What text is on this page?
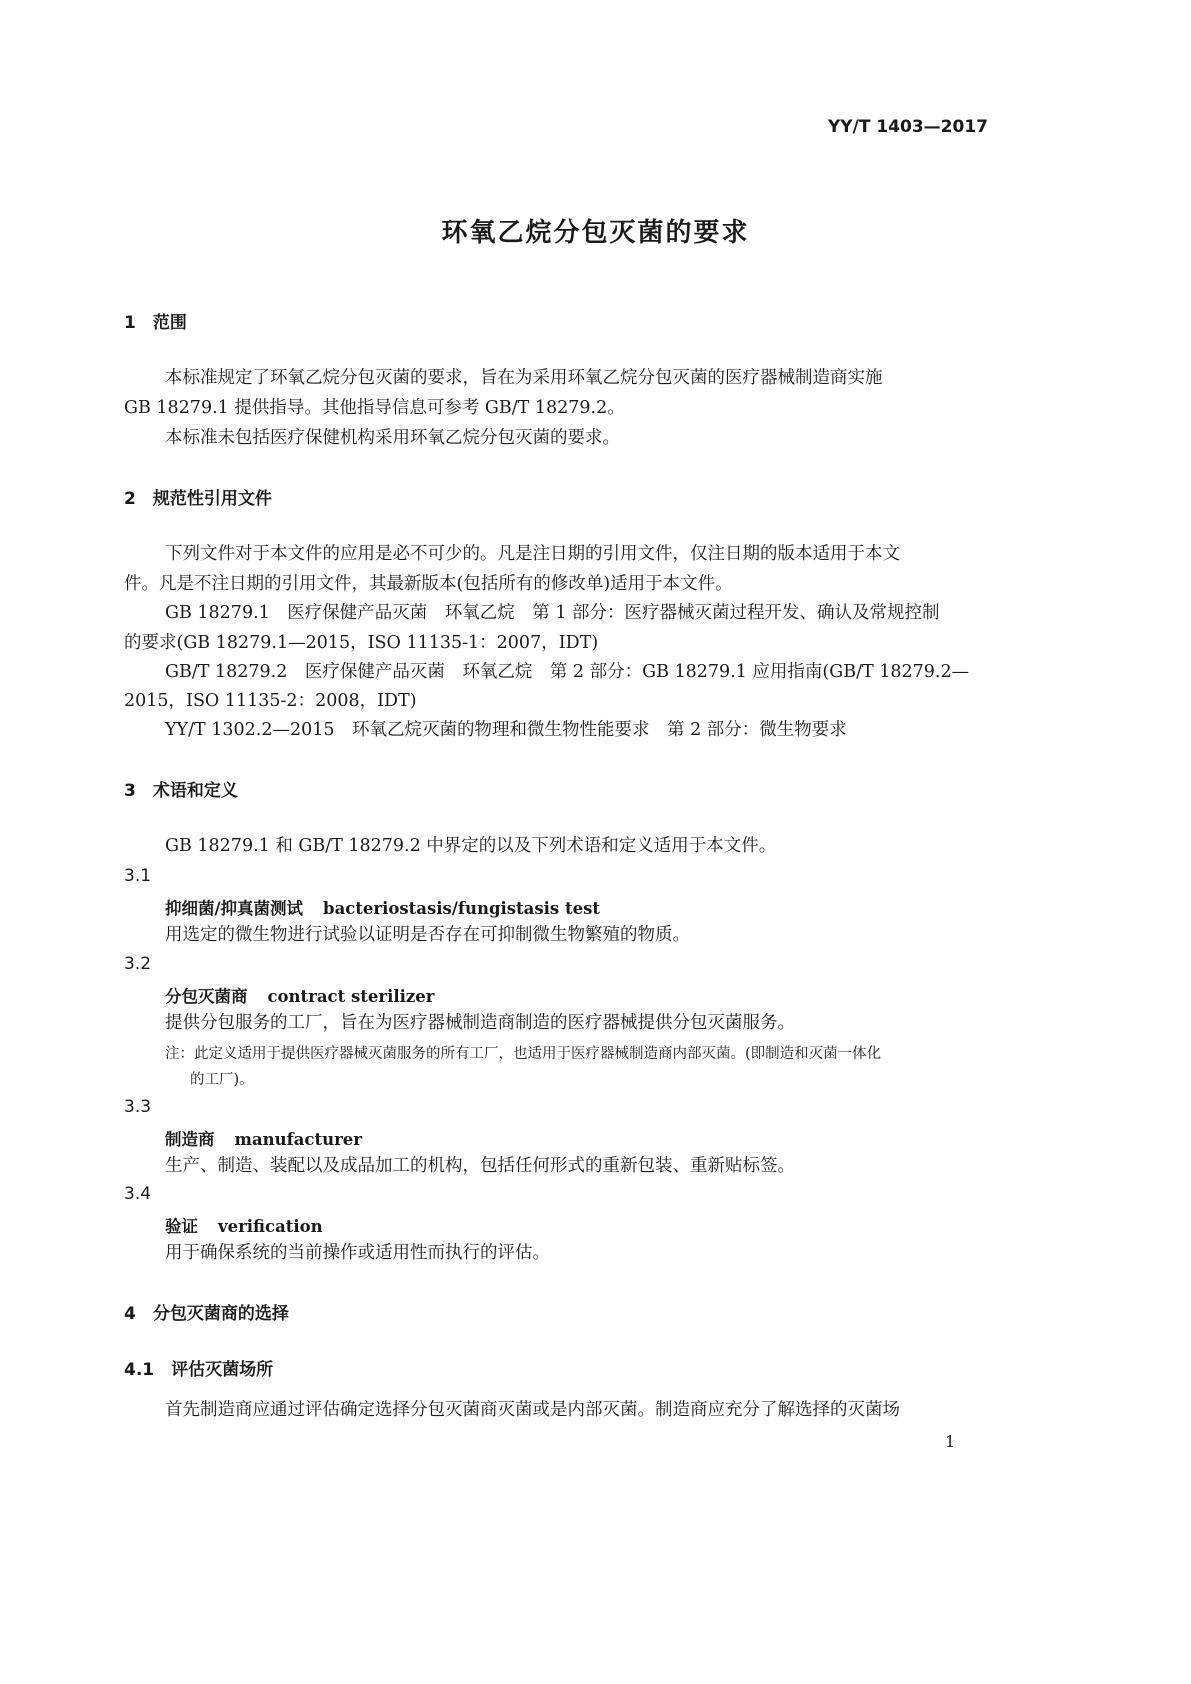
YY/T 1403—2017
环氧乙烷分包灭菌的要求
1　范围
本标准规定了环氧乙烷分包灭菌的要求，旨在为采用环氧乙烷分包灭菌的医疗器械制造商实施
GB 18279.1 提供指导。其他指导信息可参考 GB/T 18279.2。
本标准未包括医疗保健机构采用环氧乙烷分包灭菌的要求。
2　规范性引用文件
下列文件对于本文件的应用是必不可少的。凡是注日期的引用文件，仅注日期的版本适用于本文
件。凡是不注日期的引用文件，其最新版本(包括所有的修改单)适用于本文件。
GB 18279.1　医疗保健产品灭菌　环氧乙烷　第 1 部分：医疗器械灭菌过程开发、确认及常规控制
的要求(GB 18279.1—2015，ISO 11135-1：2007，IDT)
GB/T 18279.2　医疗保健产品灭菌　环氧乙烷　第 2 部分：GB 18279.1 应用指南(GB/T 18279.2—
2015，ISO 11135-2：2008，IDT)
YY/T 1302.2—2015　环氧乙烷灭菌的物理和微生物性能要求　第 2 部分：微生物要求
3　术语和定义
GB 18279.1 和 GB/T 18279.2 中界定的以及下列术语和定义适用于本文件。
3.1
抑细菌/抑真菌测试 bacteriostasis/fungistasis test
用选定的微生物进行试验以证明是否存在可抑制微生物繁殖的物质。
3.2
分包灭菌商 contract sterilizer
提供分包服务的工厂，旨在为医疗器械制造商制造的医疗器械提供分包灭菌服务。
注：此定义适用于提供医疗器械灭菌服务的所有工厂，也适用于医疗器械制造商内部灭菌。(即制造和灭菌一体化
的工厂)。
3.3
制造商 manufacturer
生产、制造、装配以及成品加工的机构，包括任何形式的重新包装、重新贴标签。
3.4
验证 verification
用于确保系统的当前操作或适用性而执行的评估。
4　分包灭菌商的选择
4.1　评估灭菌场所
首先制造商应通过评估确定选择分包灭菌商灭菌或是内部灭菌。制造商应充分了解选择的灭菌场
1
